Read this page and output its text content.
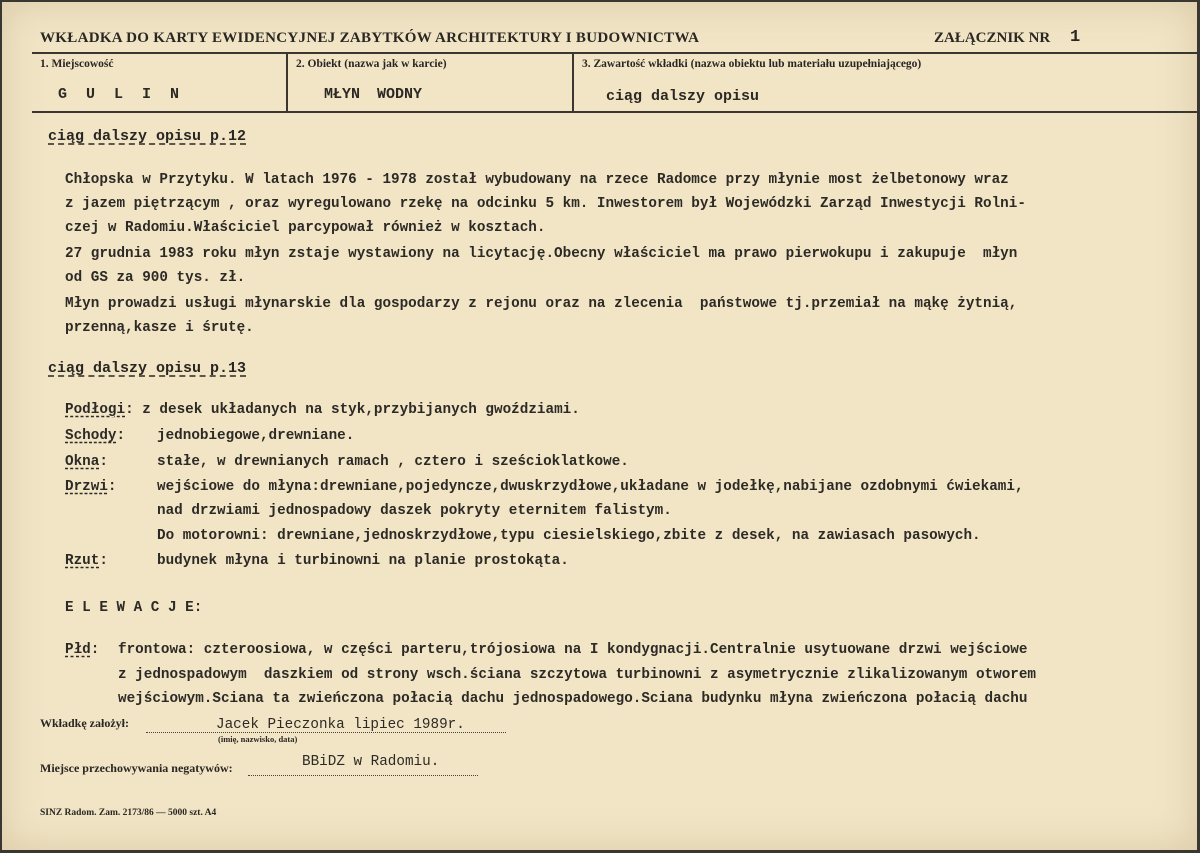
WKŁADKA DO KARTY EWIDENCYJNEJ ZABYTKÓW ARCHITEKTURY I BUDOWNICTWA	ZAŁĄCZNIK NR 1
1. Miejscowość
G U L I N
2. Obiekt (nazwa jak w karcie)
MŁYN WODNY
3. Zawartość wkładki (nazwa obiektu lub materiału uzupełniającego)
ciąg dalszy opisu
ciąg dalszy opisu p.12
Chłopska w Przytyku. W latach 1976 - 1978 został wybudowany na rzece Radomce przy młynie most żelbetonowy wraz
z jazem piętrzącym , oraz wyregulowano rzekę na odcinku 5 km. Inwestorem był Wojewódzki Zarząd Inwestycji Rolni-
czej w Radomiu.Właściciel parcypował również w kosztach.
27 grudnia 1983 roku młyn zstaje wystawiony na licytację.Obecny właściciel ma prawo pierwokupu i zakupuje  młyn
od GS za 900 tys. zł.
Młyn prowadzi usługi młynarskie dla gospodarzy z rejonu oraz na zlecenia  państwowe tj.przemiał na mąkę żytnią,
przenną,kasze i śrutę.
ciąg dalszy opisu p.13
Podłogi: z desek układanych na styk,przybijanych gwoździami.
Schody: jednobiegowe,drewniane.
Okna:	stałe, w drewnianych ramach , cztero i sześcioklatkowe.
Drzwi:	wejściowe do młyna:drewniane,pojedyncze,dwuskrzydłowe,układane w jodełkę,nabijane ozdobnymi ćwiekami,
nad drzwiami jednospadowy daszek pokryty eternitem falistym.
Do motorowni: drewniane,jednoskrzydłowe,typu ciesielskiego,zbite z desek, na zawiasach pasowych.
Rzut:	budynek młyna i turbinowni na planie prostokąta.
E L E W A C J E:
Płd: frontowa: czteroosiowa, w części parteru,trójosiowa na I kondygnacji.Centralnie usytuowane drzwi wejściowe
z jednospadowym  daszkiem od strony wsch.ściana szczytowa turbinowni z asymetrycznie zlikalizowanym otworem
wejściowym.Sciana ta zwieńczona połacią dachu jednospadowego.Sciana budynku młyna zwieńczona połacią dachu
Wkładkę założył:	Jacek Pieczonka lipiec 1989r.
(imię, nazwisko, data)
Miejsce przechowywania negatywów:	BBiDZ w Radomiu.
SINZ Radom. Zam. 2173/86 — 5000 szt. A4
